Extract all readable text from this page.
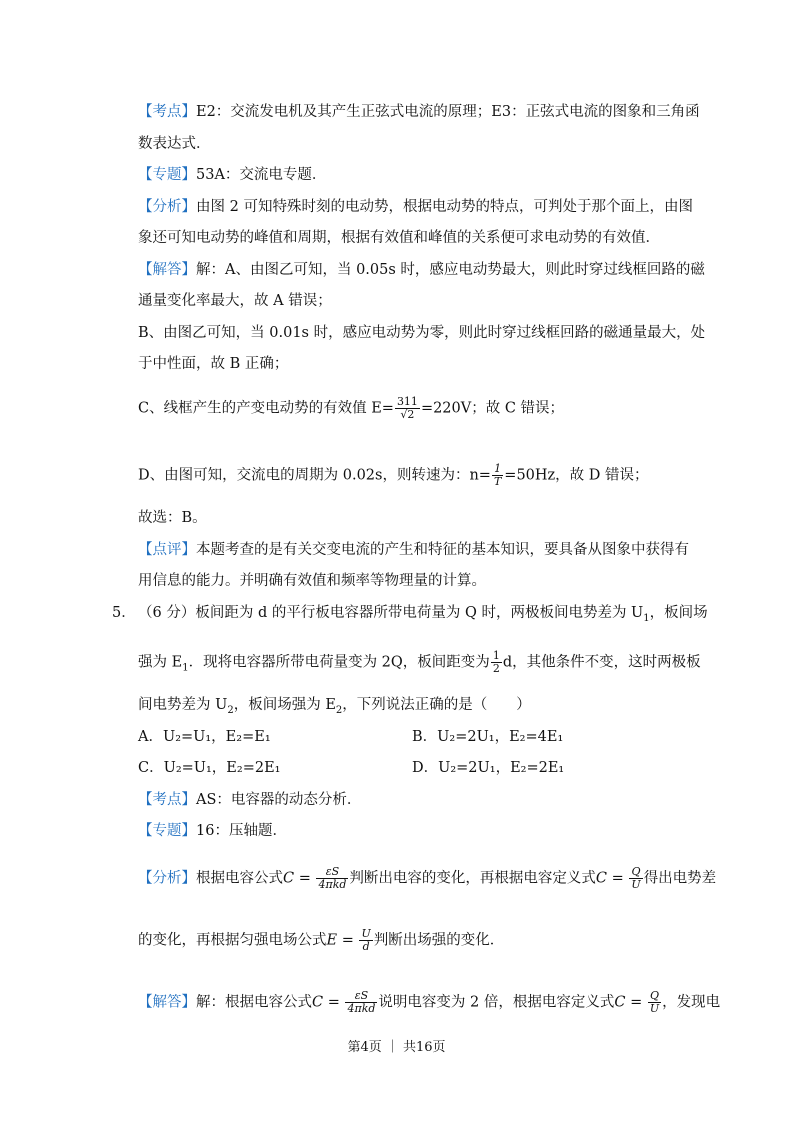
【考点】E2：交流发电机及其产生正弦式电流的原理；E3：正弦式电流的图象和三角函
数表达式．
【专题】53A：交流电专题．
【分析】由图 2 可知特殊时刻的电动势，根据电动势的特点，可判处于那个面上，由图
象还可知电动势的峰值和周期，根据有效值和峰值的关系便可求电动势的有效值．
【解答】解：A、由图乙可知，当 0.05s 时，感应电动势最大，则此时穿过线框回路的磁
通量变化率最大，故 A 错误；
B、由图乙可知，当 0.01s 时，感应电动势为零，则此时穿过线框回路的磁通量最大，处
于中性面，故 B 正确；
C、线框产生的产变电动势的有效值 $E= \frac{311}{√2} =220V$；故 C 错误；
D、由图可知，交流电的周期为 0.02s，则转速为：$n= \frac{1}{T} =50Hz$，故 D 错误；
故选：B。
【点评】本题考查的是有关交变电流的产生和特征的基本知识，要具备从图象中获得有
用信息的能力。并明确有效值和频率等物理量的计算。
5． （6 分）板间距为 d 的平行板电容器所带电荷量为 Q 时，两极板间电势差为 $U_1$，板间场
强为 $E_1$．现将电容器所带电荷量变为 2Q，板间距变为 $\frac{1}{2}$ d，其他条件不变，这时两极板
间电势差为 $U_2$，板间场强为 $E_2$，下列说法正确的是（　　）
A．U₂=U₁，E₂=E₁	B．U₂=2U₁，E₂=4E₁
C．U₂=U₁，E₂=2E₁	D．U₂=2U₁，E₂=2E₁
【考点】AS：电容器的动态分析．
【专题】16：压轴题．
【分析】根据电容公式$C = \frac{\varepsilon S}{\text{4πkd}}$ 判断出电容的变化，再根据电容定义式$C = \frac{Q}{U}$ 得出电势差
的变化，再根据匀强电场公式$E = \frac{U}{d}$ 判断出场强的变化．
【解答】解：根据电容公式$C = \frac{\varepsilon S}{\text{4πkd}}$ 说明电容变为 2 倍，根据电容定义式$C = \frac{Q}{U}$ ，发现电
第4页 ｜ 共16页
